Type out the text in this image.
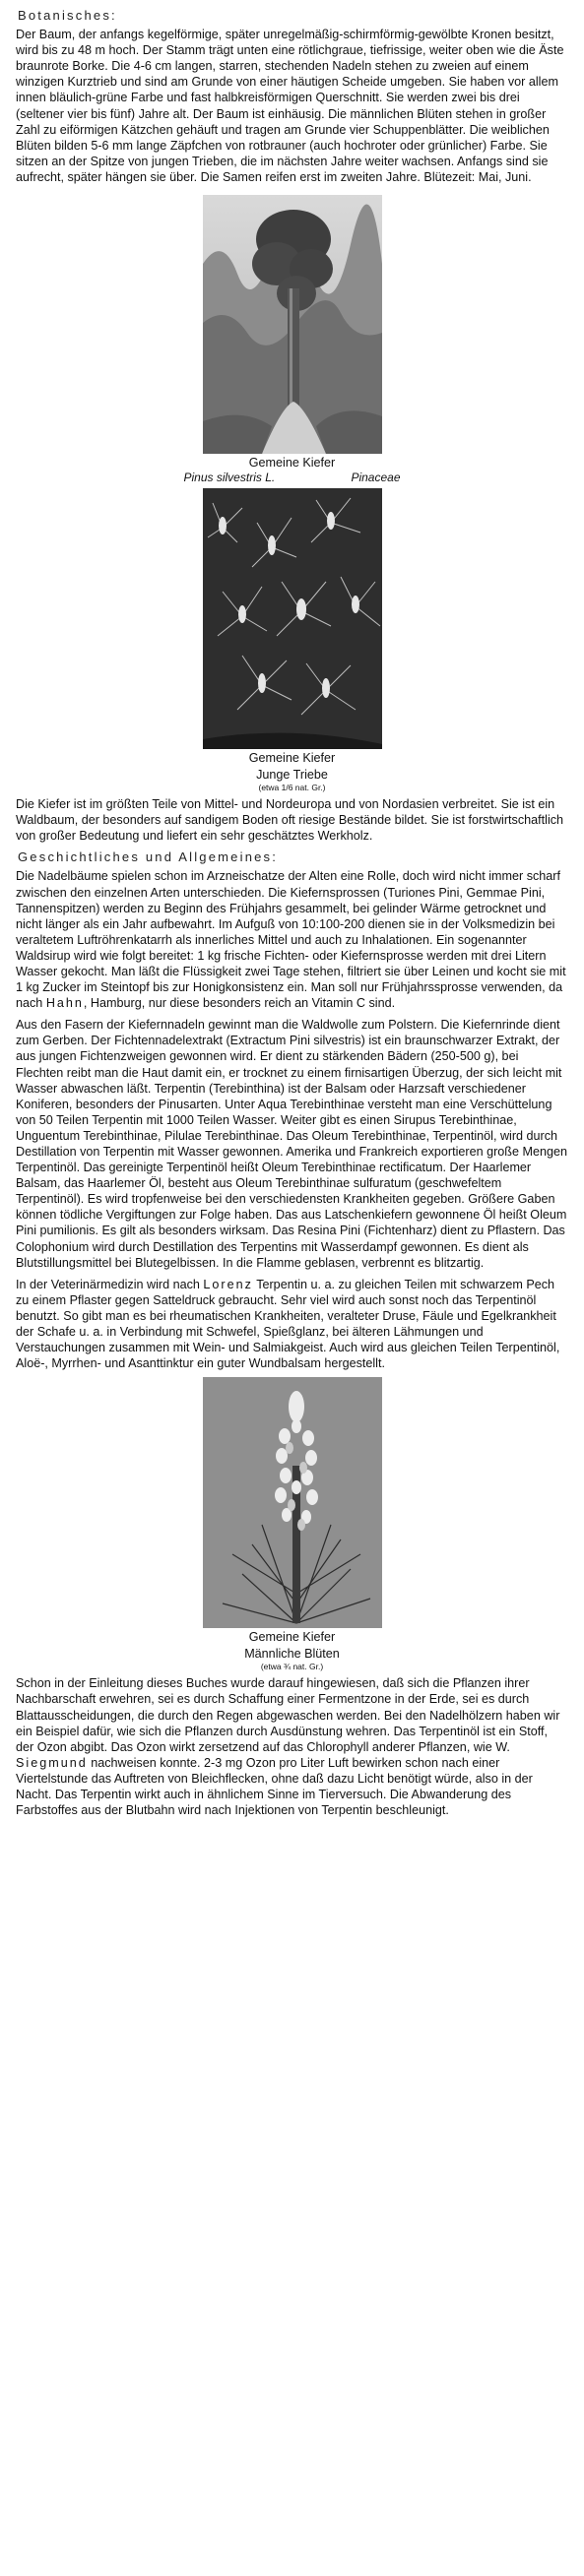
Botanisches:

Der Baum, der anfangs kegelförmige, später unregelmäßig-schirmförmig-gewölbte Kronen besitzt, wird bis zu 48 m hoch. Der Stamm trägt unten eine rötlichgraue, tiefrissige, weiter oben wie die Äste braunrote Borke. Die 4-6 cm langen, starren, stechenden Nadeln stehen zu zweien auf einem winzigen Kurztrieb und sind am Grunde von einer häutigen Scheide umgeben. Sie haben vor allem innen bläulich-grüne Farbe und fast halbkreisförmigen Querschnitt. Sie werden zwei bis drei (seltener vier bis fünf) Jahre alt. Der Baum ist einhäusig. Die männlichen Blüten stehen in großer Zahl zu eiförmigen Kätzchen gehäuft und tragen am Grunde vier Schuppenblätter. Die weiblichen Blüten bilden 5-6 mm lange Zäpfchen von rotbrauner (auch hochroter oder grünlicher) Farbe. Sie sitzen an der Spitze von jungen Trieben, die im nächsten Jahre weiter wachsen. Anfangs sind sie aufrecht, später hängen sie über. Die Samen reifen erst im zweiten Jahre. Blütezeit: Mai, Juni.

Gemeine Kiefer
Pinus silvestris L.	Pinaceae
Gemeine Kiefer
Junge Triebe
(etwa 1/6 nat. Gr.)

Die Kiefer ist im größten Teile von Mittel- und Nordeuropa und von Nordasien verbreitet. Sie ist ein Waldbaum, der besonders auf sandigem Boden oft riesige Bestände bildet. Sie ist forstwirtschaftlich von großer Bedeutung und liefert ein sehr geschätztes Werkholz.

Geschichtliches und Allgemeines:

Die Nadelbäume spielen schon im Arzneischatze der Alten eine Rolle, doch wird nicht immer scharf zwischen den einzelnen Arten unterschieden. Die Kiefernsprossen (Turiones Pini, Gemmae Pini, Tannenspitzen) werden zu Beginn des Frühjahrs gesammelt, bei gelinder Wärme getrocknet und nicht länger als ein Jahr aufbewahrt. Im Aufguß von 10:100-200 dienen sie in der Volksmedizin bei veraltetem Luftröhrenkatarrh als innerliches Mittel und auch zu Inhalationen. Ein sogenannter Waldsirup wird wie folgt bereitet: 1 kg frische Fichten- oder Kiefernsprosse werden mit drei Litern Wasser gekocht. Man läßt die Flüssigkeit zwei Tage stehen, filtriert sie über Leinen und kocht sie mit 1 kg Zucker im Steintopf bis zur Honigkonsistenz ein. Man soll nur Frühjahrssprosse verwenden, da nach Hahn, Hamburg, nur diese besonders reich an Vitamin C sind.

Aus den Fasern der Kiefernnadeln gewinnt man die Waldwolle zum Polstern. Die Kiefernrinde dient zum Gerben. Der Fichtennadelextrakt (Extractum Pini silvestris) ist ein braunschwarzer Extrakt, der aus jungen Fichtenzweigen gewonnen wird. Er dient zu stärkenden Bädern (250-500 g), bei Flechten reibt man die Haut damit ein, er trocknet zu einem firnisartigen Überzug, der sich leicht mit Wasser abwaschen läßt. Terpentin (Terebinthina) ist der Balsam oder Harzsaft verschiedener Koniferen, besonders der Pinusarten. Unter Aqua Terebinthinae versteht man eine Verschüttelung von 50 Teilen Terpentin mit 1000 Teilen Wasser. Weiter gibt es einen Sirupus Terebinthinae, Unguentum Terebinthinae, Pilulae Terebinthinae. Das Oleum Terebinthinae, Terpentinöl, wird durch Destillation von Terpentin mit Wasser gewonnen. Amerika und Frankreich exportieren große Mengen Terpentinöl. Das gereinigte Terpentinöl heißt Oleum Terebinthinae rectificatum. Der Haarlemer Balsam, das Haarlemer Öl, besteht aus Oleum Terebinthinae sulfuratum (geschwefeltem Terpentinöl). Es wird tropfenweise bei den verschiedensten Krankheiten gegeben. Größere Gaben können tödliche Vergiftungen zur Folge haben. Das aus Latschenkiefern gewonnene Öl heißt Oleum Pini pumilionis. Es gilt als besonders wirksam. Das Resina Pini (Fichtenharz) dient zu Pflastern. Das Colophonium wird durch Destillation des Terpentins mit Wasserdampf gewonnen. Es dient als Blutstillungsmittel bei Blutegelbissen. In die Flamme geblasen, verbrennt es blitzartig.

In der Veterinärmedizin wird nach Lorenz Terpentin u. a. zu gleichen Teilen mit schwarzem Pech zu einem Pflaster gegen Satteldruck gebraucht. Sehr viel wird auch sonst noch das Terpentinöl benutzt. So gibt man es bei rheumatischen Krankheiten, veralteter Druse, Fäule und Egelkrankheit der Schafe u. a. in Verbindung mit Schwefel, Spießglanz, bei älteren Lähmungen und Verstauchungen zusammen mit Wein- und Salmiakgeist. Auch wird aus gleichen Teilen Terpentinöl, Aloë-, Myrrhen- und Asanttinktur ein guter Wundbalsam hergestellt.

Gemeine Kiefer
Männliche Blüten
(etwa ¾ nat. Gr.)

Schon in der Einleitung dieses Buches wurde darauf hingewiesen, daß sich die Pflanzen ihrer Nachbarschaft erwehren, sei es durch Schaffung einer Fermentzone in der Erde, sei es durch Blattausscheidungen, die durch den Regen abgewaschen werden. Bei den Nadelhölzern haben wir ein Beispiel dafür, wie sich die Pflanzen durch Ausdünstung wehren. Das Terpentinöl ist ein Stoff, der Ozon abgibt. Das Ozon wirkt zersetzend auf das Chlorophyll anderer Pflanzen, wie W. Siegmund nachweisen konnte. 2-3 mg Ozon pro Liter Luft bewirken schon nach einer Viertelstunde das Auftreten von Bleichflecken, ohne daß dazu Licht benötigt würde, also in der Nacht. Das Terpentin wirkt auch in ähnlichem Sinne im Tierversuch. Die Abwanderung des Farbstoffes aus der Blutbahn wird nach Injektionen von Terpentin beschleunigt.
